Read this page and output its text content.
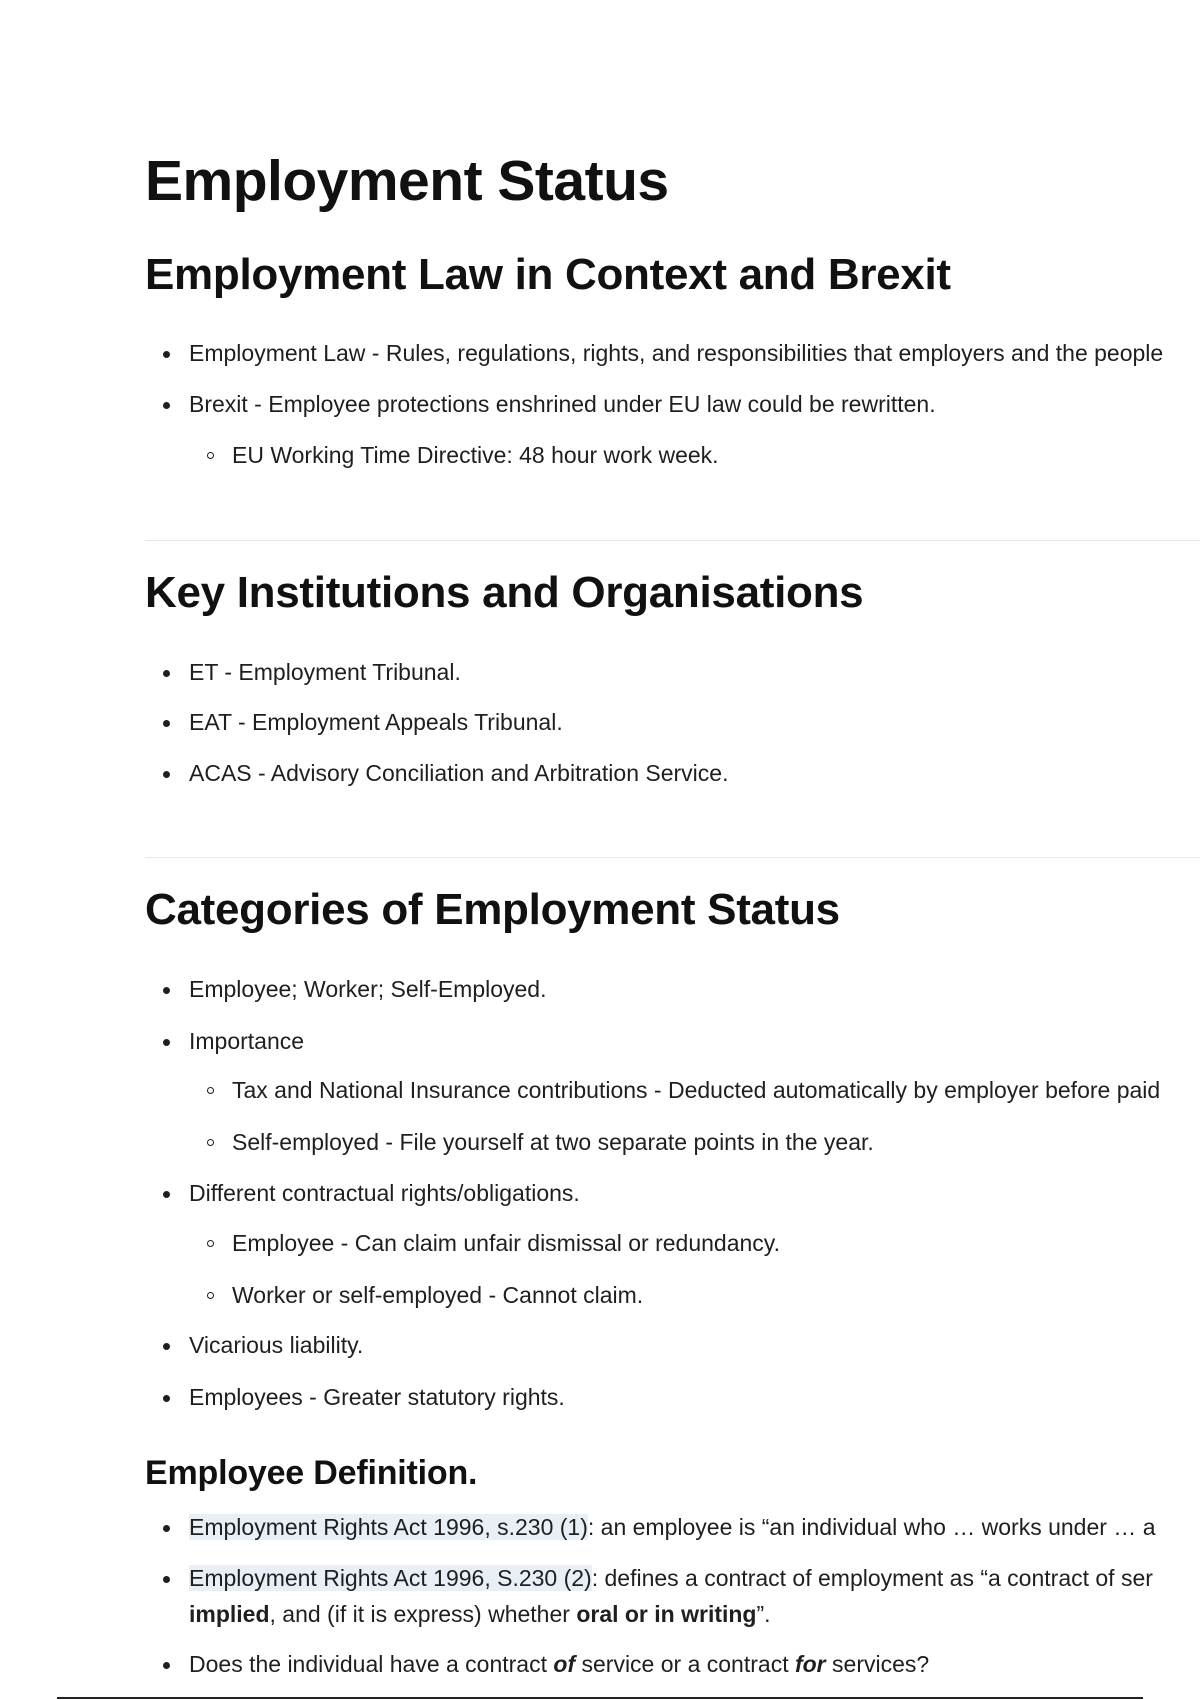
Employment Status
Employment Law in Context and Brexit
Employment Law - Rules, regulations, rights, and responsibilities that employers and the people
Brexit - Employee protections enshrined under EU law could be rewritten.
EU Working Time Directive: 48 hour work week.
Key Institutions and Organisations
ET - Employment Tribunal.
EAT - Employment Appeals Tribunal.
ACAS - Advisory Conciliation and Arbitration Service.
Categories of Employment Status
Employee; Worker; Self-Employed.
Importance
Tax and National Insurance contributions - Deducted automatically by employer before paid
Self-employed - File yourself at two separate points in the year.
Different contractual rights/obligations.
Employee - Can claim unfair dismissal or redundancy.
Worker or self-employed - Cannot claim.
Vicarious liability.
Employees - Greater statutory rights.
Employee Definition.
Employment Rights Act 1996, s.230 (1): an employee is “an individual who … works under … a
Employment Rights Act 1996, S.230 (2): defines a contract of employment as “a contract of ser
implied, and (if it is express) whether oral or in writing”.
Does the individual have a contract of service or a contract for services?
